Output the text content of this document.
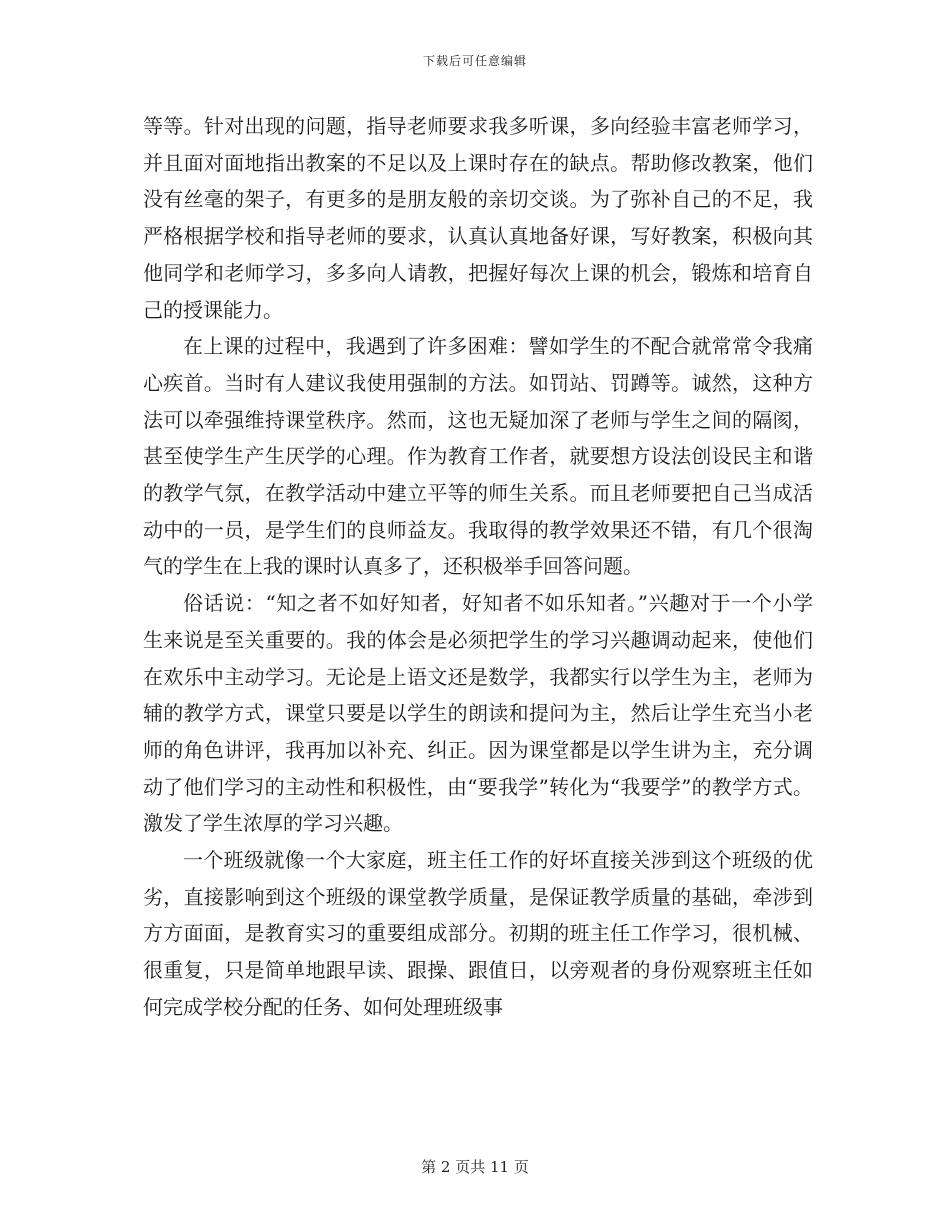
下载后可任意编辑

等等。针对出现的问题，指导老师要求我多听课，多向经验丰富老师学习，并且面对面地指出教案的不足以及上课时存在的缺点。帮助修改教案，他们没有丝毫的架子，有更多的是朋友般的亲切交谈。为了弥补自己的不足，我严格根据学校和指导老师的要求，认真认真地备好课，写好教案，积极向其他同学和老师学习，多多向人请教，把握好每次上课的机会，锻炼和培育自己的授课能力。

在上课的过程中，我遇到了许多困难：譬如学生的不配合就常常令我痛心疾首。当时有人建议我使用强制的方法。如罚站、罚蹲等。诚然，这种方法可以牵强维持课堂秩序。然而，这也无疑加深了老师与学生之间的隔阂，甚至使学生产生厌学的心理。作为教育工作者，就要想方设法创设民主和谐的教学气氛，在教学活动中建立平等的师生关系。而且老师要把自己当成活动中的一员，是学生们的良师益友。我取得的教学效果还不错，有几个很淘气的学生在上我的课时认真多了，还积极举手回答问题。

俗话说：“知之者不如好知者，好知者不如乐知者。”兴趣对于一个小学生来说是至关重要的。我的体会是必须把学生的学习兴趣调动起来，使他们在欢乐中主动学习。无论是上语文还是数学，我都实行以学生为主，老师为辅的教学方式，课堂只要是以学生的朗读和提问为主，然后让学生充当小老师的角色讲评，我再加以补充、纠正。因为课堂都是以学生讲为主，充分调动了他们学习的主动性和积极性，由“要我学”转化为“我要学”的教学方式。激发了学生浓厚的学习兴趣。

一个班级就像一个大家庭，班主任工作的好坏直接关涉到这个班级的优劣，直接影响到这个班级的课堂教学质量，是保证教学质量的基础，牵涉到方方面面，是教育实习的重要组成部分。初期的班主任工作学习，很机械、很重复，只是简单地跟早读、跟操、跟值日，以旁观者的身份观察班主任如何完成学校分配的任务、如何处理班级事

第 2 页共 11 页
